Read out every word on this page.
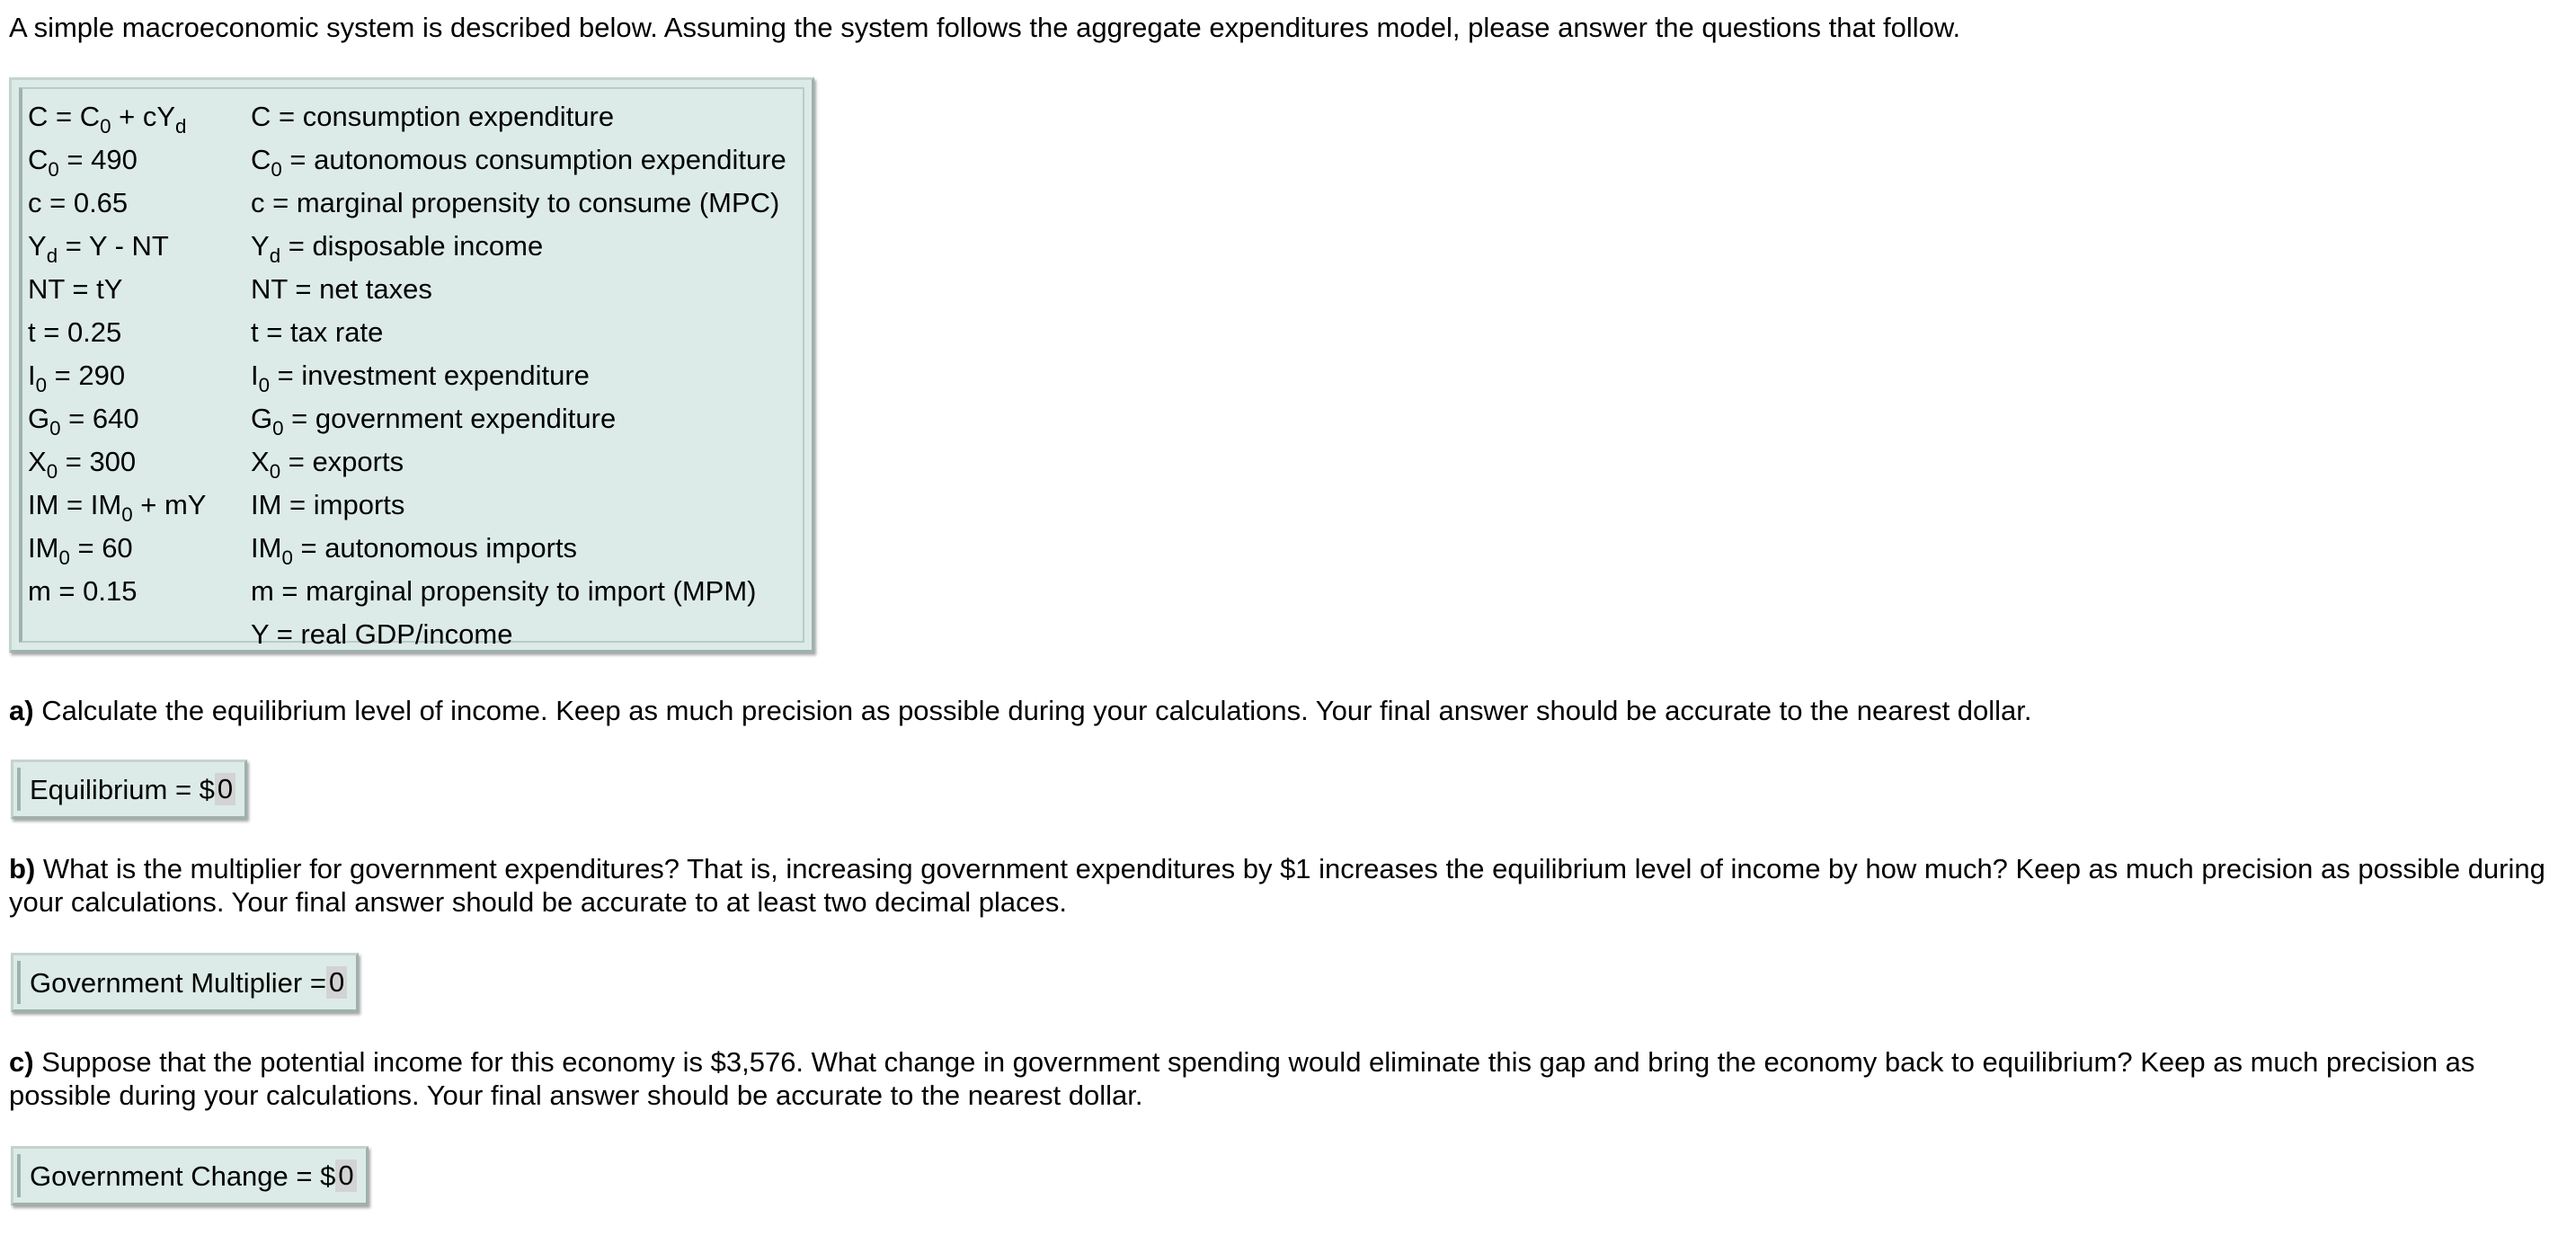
A simple macroeconomic system is described below. Assuming the system follows the aggregate expenditures model, please answer the questions that follow.

$C = C_0 + cY_d$	C = consumption expenditure
$C_0 = 490$	$C_0$ = autonomous consumption expenditure
c = 0.65	c = marginal propensity to consume (MPC)
$Y_d = Y$ - NT	$Y_d$ = disposable income
NT = tY	NT = net taxes
t = 0.25	t = tax rate
$I_0 = 290$	$I_0$ = investment expenditure
$G_0 = 640$	$G_0$ = government expenditure
$X_0 = 300$	$X_0$ = exports
IM = $IM_0$ + mY	IM = imports
$IM_0 = 60$	$IM_0$ = autonomous imports
m = 0.15	m = marginal propensity to import (MPM)
	Y = real GDP/income

a) Calculate the equilibrium level of income. Keep as much precision as possible during your calculations. Your final answer should be accurate to the nearest dollar.

Equilibrium = $ 0

b) What is the multiplier for government expenditures? That is, increasing government expenditures by $1 increases the equilibrium level of income by how much? Keep as much precision as possible during your calculations. Your final answer should be accurate to at least two decimal places.

Government Multiplier = 0

c) Suppose that the potential income for this economy is $3,576. What change in government spending would eliminate this gap and bring the economy back to equilibrium? Keep as much precision as possible during your calculations. Your final answer should be accurate to the nearest dollar.

Government Change = $ 0
